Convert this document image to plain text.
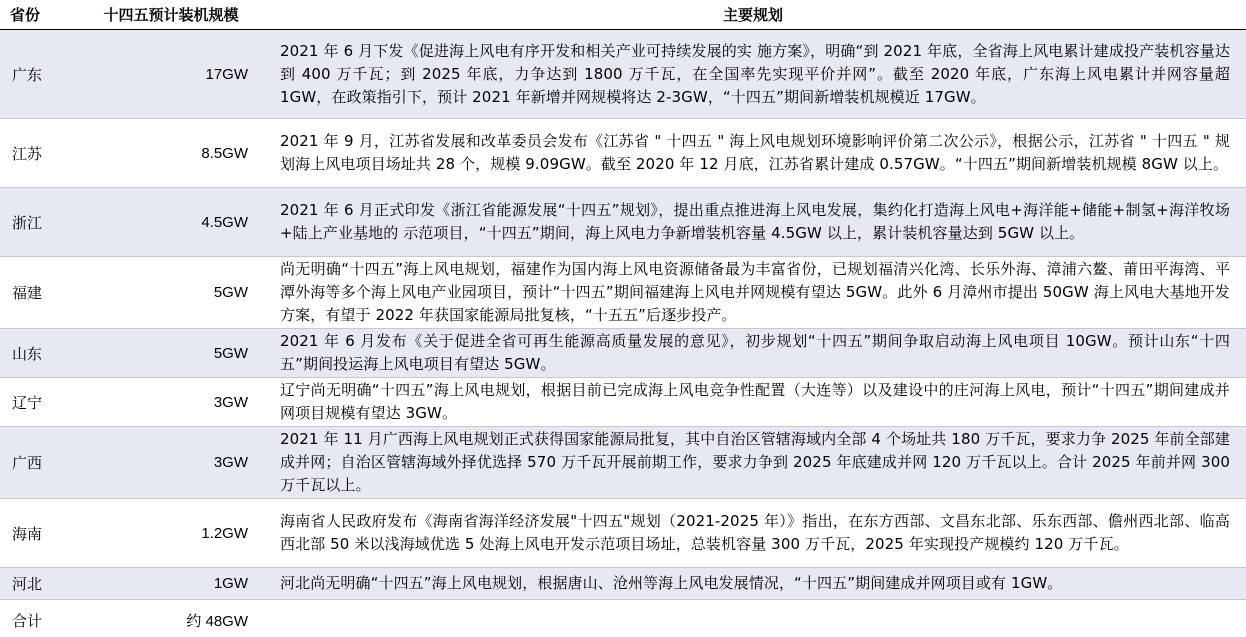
省份	十四五预计装机规模	主要规划
广东	17GW	2021 年 6 月下发《促进海上风电有序开发和相关产业可持续发展的实 施方案》，明确“到 2021 年底，全省海上风电累计建成投产装机容量达到 400 万千瓦；到 2025 年底，力争达到 1800 万千瓦，在全国率先实现平价并网”。截至 2020 年底，广东海上风电累计并网容量超 1GW，在政策指引下，预计 2021 年新增并网规模将达 2-3GW，“十四五”期间新增装机规模近 17GW。
江苏	8.5GW	2021 年 9 月，江苏省发展和改革委员会发布《江苏省 " 十四五 " 海上风电规划环境影响评价第二次公示》，根据公示，江苏省 " 十四五 " 规划海上风电项目场址共 28 个，规模 9.09GW。截至 2020 年 12 月底，江苏省累计建成 0.57GW。“十四五”期间新增装机规模 8GW 以上。
浙江	4.5GW	2021 年 6 月正式印发《浙江省能源发展“十四五”规划》，提出重点推进海上风电发展，集约化打造海上风电+海洋能+储能+制氢+海洋牧场+陆上产业基地的 示范项目，“十四五”期间，海上风电力争新增装机容量 4.5GW 以上，累计装机容量达到 5GW 以上。
福建	5GW	尚无明确“十四五”海上风电规划，福建作为国内海上风电资源储备最为丰富省份，已规划福清兴化湾、长乐外海、漳浦六鳌、莆田平海湾、平潭外海等多个海上风电产业园项目，预计“十四五”期间福建海上风电并网规模有望达 5GW。此外 6 月漳州市提出 50GW 海上风电大基地开发方案，有望于 2022 年获国家能源局批复核，“十五五”后逐步投产。
山东	5GW	2021 年 6 月发布《关于促进全省可再生能源高质量发展的意见》，初步规划“十四五”期间争取启动海上风电项目 10GW。预计山东“十四五”期间投运海上风电项目有望达 5GW。
辽宁	3GW	辽宁尚无明确“十四五”海上风电规划，根据目前已完成海上风电竞争性配置（大连等）以及建设中的庄河海上风电，预计“十四五”期间建成并网项目规模有望达 3GW。
广西	3GW	2021 年 11 月广西海上风电规划正式获得国家能源局批复，其中自治区管辖海域内全部 4 个场址共 180 万千瓦，要求力争 2025 年前全部建成并网；自治区管辖海域外择优选择 570 万千瓦开展前期工作，要求力争到 2025 年底建成并网 120 万千瓦以上。合计 2025 年前并网 300 万千瓦以上。
海南	1.2GW	海南省人民政府发布《海南省海洋经济发展"十四五"规划（2021-2025 年）》指出，在东方西部、文昌东北部、乐东西部、儋州西北部、临高西北部 50 米以浅海域优选 5 处海上风电开发示范项目场址，总装机容量 300 万千瓦，2025 年实现投产规模约 120 万千瓦。
河北	1GW	河北尚无明确“十四五”海上风电规划，根据唐山、沧州等海上风电发展情况，“十四五”期间建成并网项目或有 1GW。
合计	约 48GW	
